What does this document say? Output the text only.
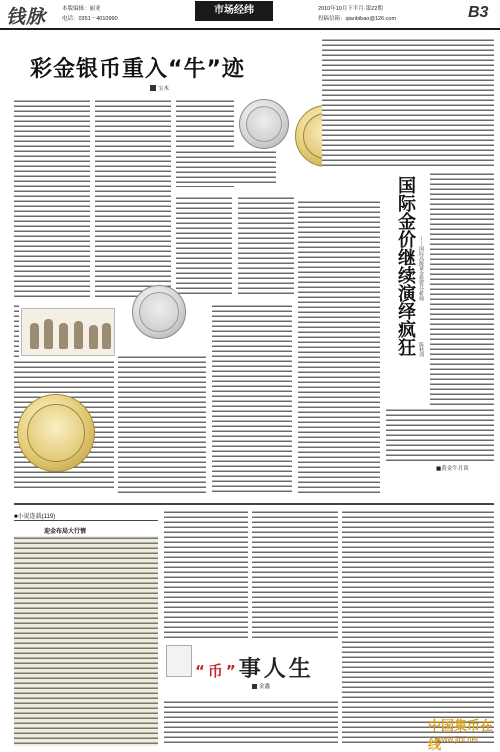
钱脉	本版编辑：丽亚
电话：0351－4010990
市场经纬	2010年10月下半月·第22期
投稿信箱：qianbibao@126.com	B3
彩金银币重入“牛”迹
宝木
国际金价继续演绎疯狂 ——国际高级黄金投资分析师
陈秋训
■黄金牛月谈
■小说连载(119)
迎金布局大行情
“币”事人生
金鑫
中国集币在线
www.jibi.net
